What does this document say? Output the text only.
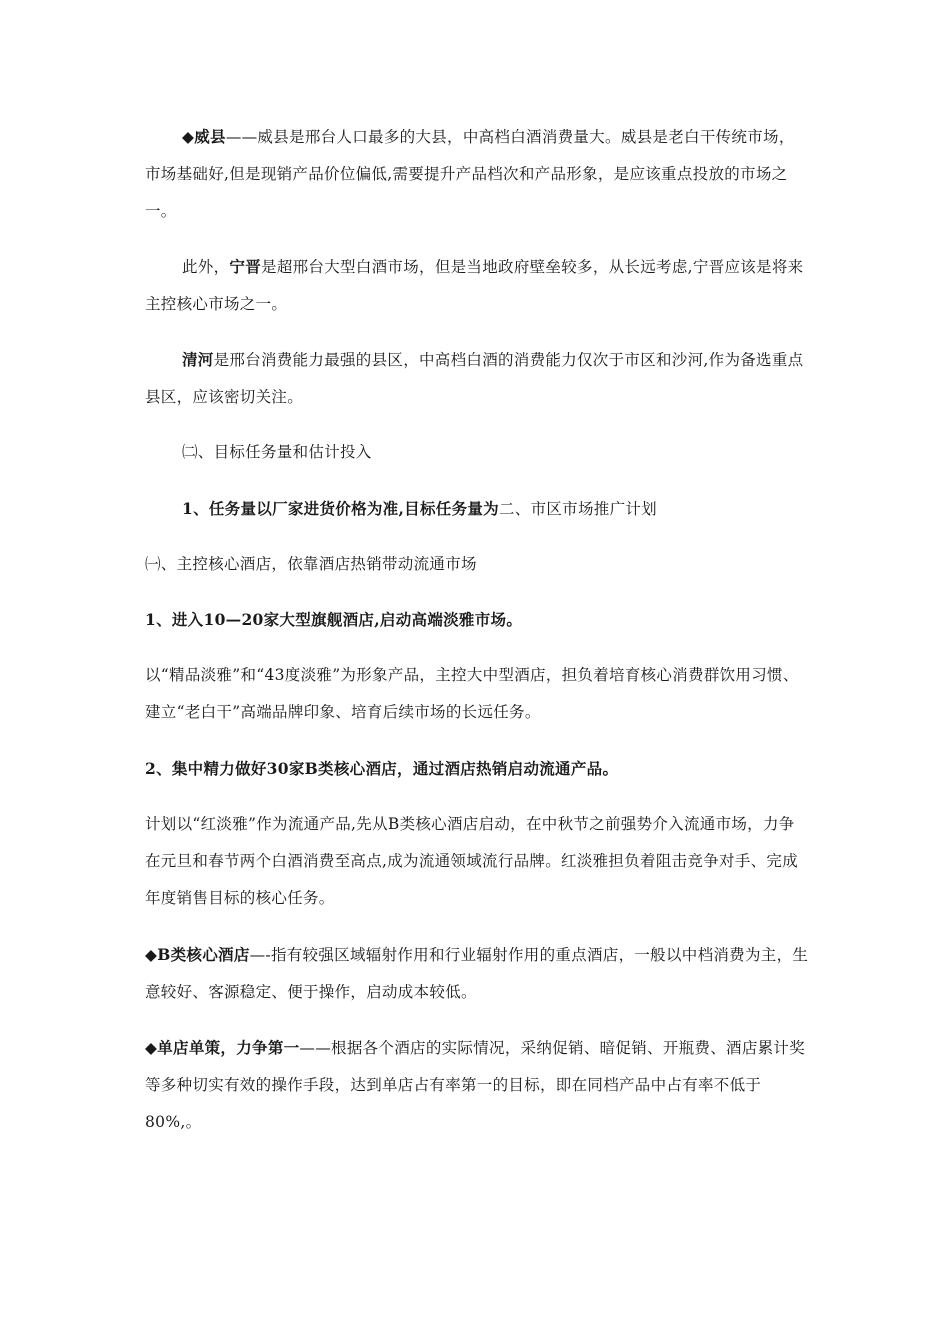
◆威县——威县是邢台人口最多的大县，中高档白酒消费量大。威县是老白干传统市场，市场基础好,但是现销产品价位偏低,需要提升产品档次和产品形象，是应该重点投放的市场之一。

此外，宁晋是超邢台大型白酒市场，但是当地政府壁垒较多，从长远考虑,宁晋应该是将来主控核心市场之一。

清河是邢台消费能力最强的县区，中高档白酒的消费能力仅次于市区和沙河,作为备选重点县区，应该密切关注。

㈡、目标任务量和估计投入

1、任务量以厂家进货价格为准,目标任务量为二、市区市场推广计划

㈠、主控核心酒店，依靠酒店热销带动流通市场

1、进入10—20家大型旗舰酒店,启动高端淡雅市场。

以“精品淡雅”和“43度淡雅”为形象产品，主控大中型酒店，担负着培育核心消费群饮用习惯、建立“老白干”高端品牌印象、培育后续市场的长远任务。

2、集中精力做好30家B类核心酒店，通过酒店热销启动流通产品。

计划以“红淡雅”作为流通产品,先从B类核心酒店启动，在中秋节之前强势介入流通市场，力争在元旦和春节两个白酒消费至高点,成为流通领域流行品牌。红淡雅担负着阻击竞争对手、完成年度销售目标的核心任务。

◆B类核心酒店—-指有较强区域辐射作用和行业辐射作用的重点酒店，一般以中档消费为主，生意较好、客源稳定、便于操作，启动成本较低。

◆单店单策，力争第一——根据各个酒店的实际情况，采纳促销、暗促销、开瓶费、酒店累计奖等多种切实有效的操作手段，达到单店占有率第一的目标，即在同档产品中占有率不低于80%,。
